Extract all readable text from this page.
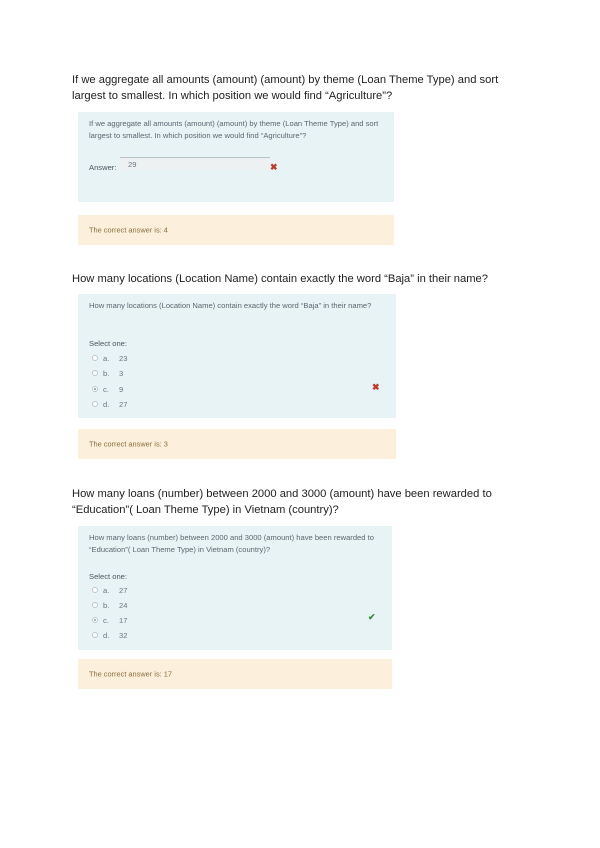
If we aggregate all amounts (amount) (amount) by theme (Loan Theme Type) and sort largest to smallest. In which position we would find “Agriculture”?
If we aggregate all amounts (amount) (amount) by theme (Loan Theme Type) and sort largest to smallest. In which position we would find “Agriculture”?
Answer:
29	✖
The correct answer is: 4
How many locations (Location Name) contain exactly the word “Baja” in their name?
How many locations (Location Name) contain exactly the word “Baja” in their name?
Select one:
a.	23
b.	3
c.	9
d.	27
✖
The correct answer is: 3
How many loans (number) between 2000 and 3000 (amount) have been rewarded to “Education”( Loan Theme Type) in Vietnam (country)?
How many loans (number) between 2000 and 3000 (amount) have been rewarded to “Education”( Loan Theme Type) in Vietnam (country)?
Select one:
a.	27
b.	24
c.	17
d.	32
✔
The correct answer is: 17
